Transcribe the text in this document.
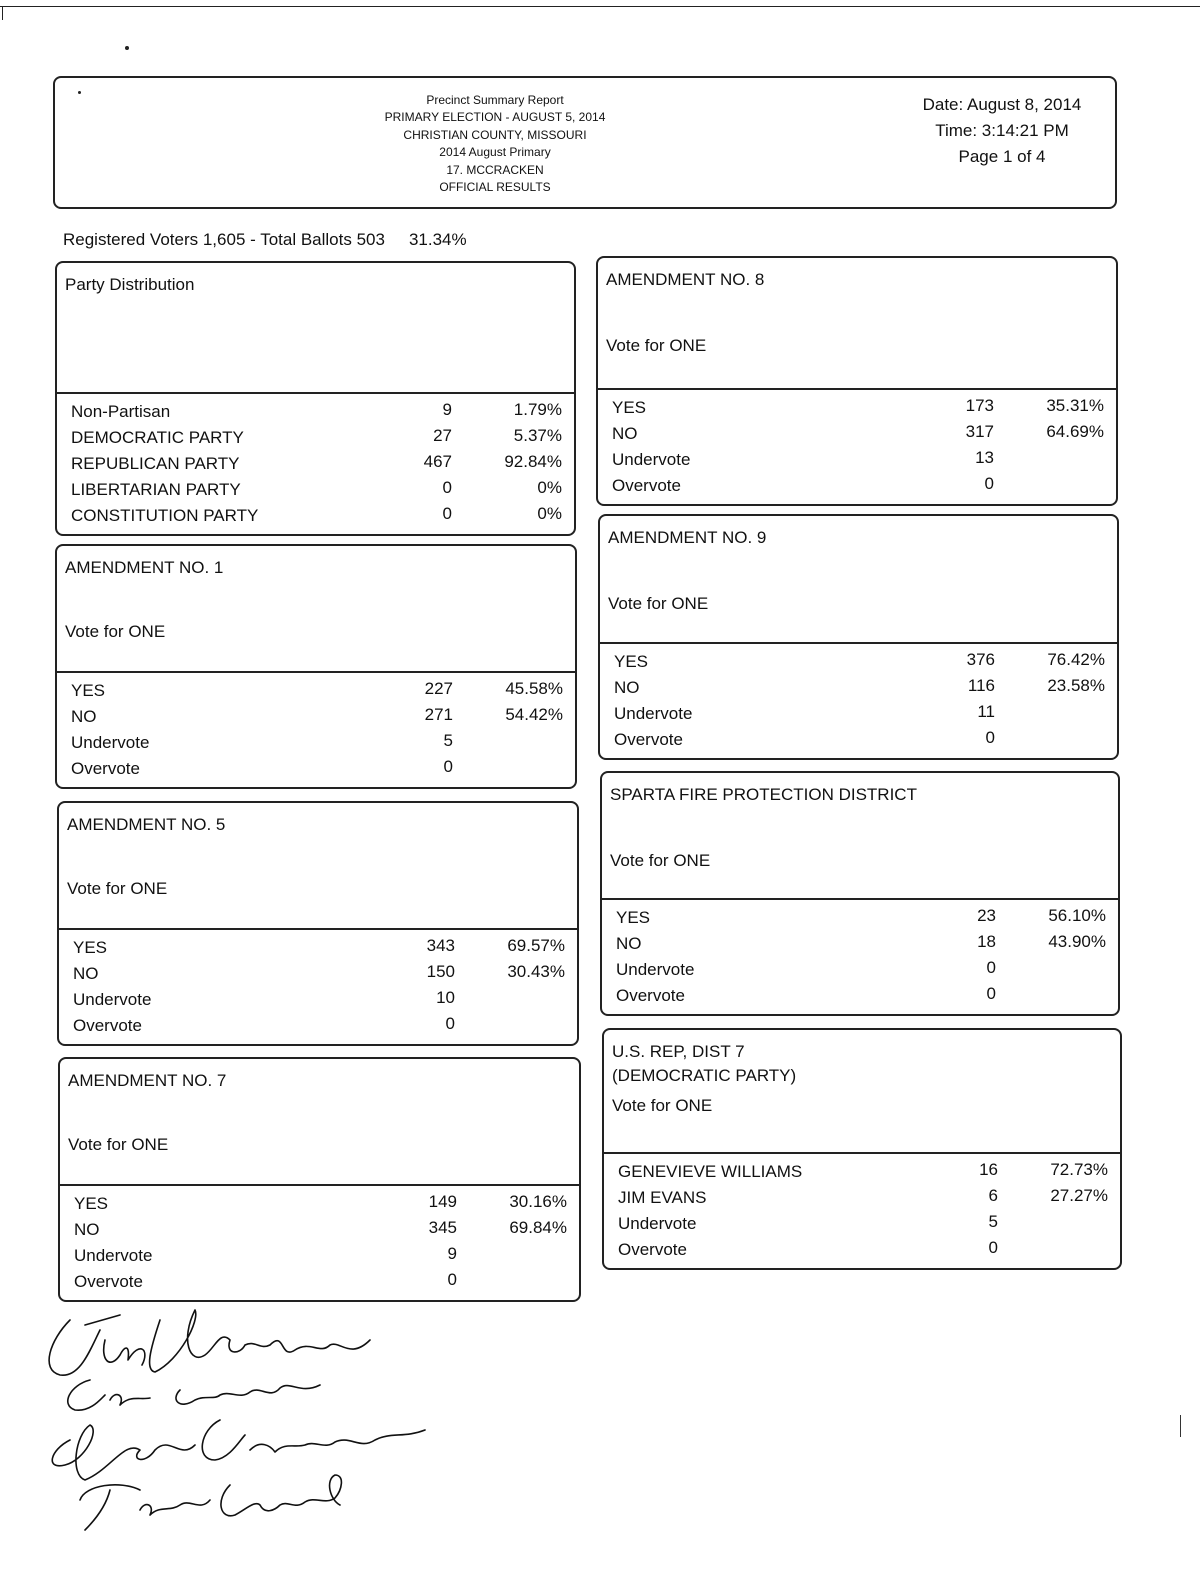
Precinct Summary Report
PRIMARY ELECTION - AUGUST 5, 2014
CHRISTIAN COUNTY, MISSOURI
2014 August Primary
17. MCCRACKEN
OFFICIAL RESULTS
Date: August 8, 2014
Time: 3:14:21 PM
Page 1 of 4
Registered Voters 1,605 - Total Ballots 503 31.34%
Party Distribution
Non-Partisan	9	1.79%
DEMOCRATIC PARTY	27	5.37%
REPUBLICAN PARTY	467	92.84%
LIBERTARIAN PARTY	0	0%
CONSTITUTION PARTY	0	0%
AMENDMENT NO. 1
Vote for ONE
YES	227	45.58%
NO	271	54.42%
Undervote	5
Overvote	0
AMENDMENT NO. 5
Vote for ONE
YES	343	69.57%
NO	150	30.43%
Undervote	10
Overvote	0
AMENDMENT NO. 7
Vote for ONE
YES	149	30.16%
NO	345	69.84%
Undervote	9
Overvote	0
AMENDMENT NO. 8
Vote for ONE
YES	173	35.31%
NO	317	64.69%
Undervote	13
Overvote	0
AMENDMENT NO. 9
Vote for ONE
YES	376	76.42%
NO	116	23.58%
Undervote	11
Overvote	0
SPARTA FIRE PROTECTION DISTRICT
Vote for ONE
YES	23	56.10%
NO	18	43.90%
Undervote	0
Overvote	0
U.S. REP, DIST 7
(DEMOCRATIC PARTY)
Vote for ONE
GENEVIEVE WILLIAMS	16	72.73%
JIM EVANS	6	27.27%
Undervote	5
Overvote	0
